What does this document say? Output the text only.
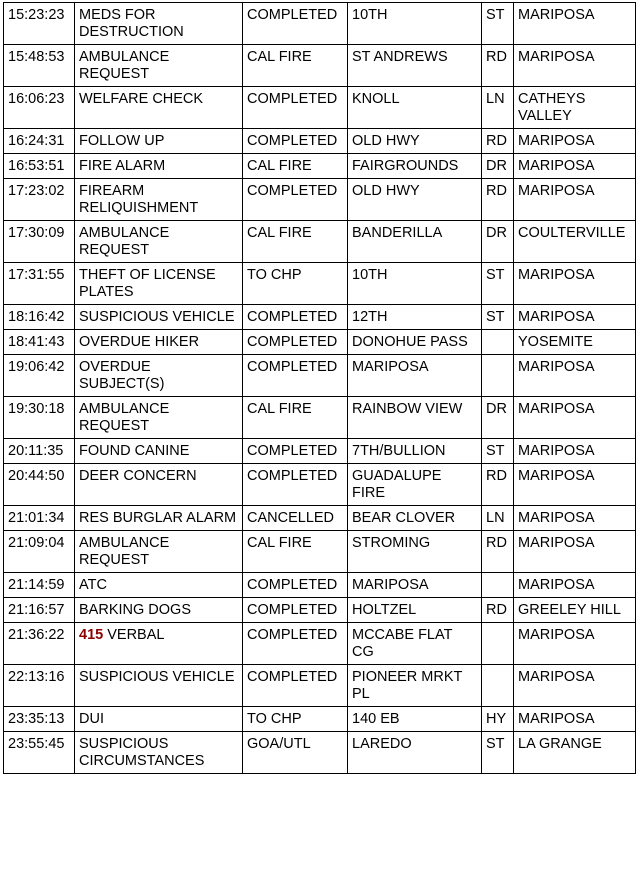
15:23:23	MEDS FOR DESTRUCTION	COMPLETED	10TH	ST	MARIPOSA
15:48:53	AMBULANCE REQUEST	CAL FIRE	ST ANDREWS	RD	MARIPOSA
16:06:23	WELFARE CHECK	COMPLETED	KNOLL	LN	CATHEYS VALLEY
16:24:31	FOLLOW UP	COMPLETED	OLD HWY	RD	MARIPOSA
16:53:51	FIRE ALARM	CAL FIRE	FAIRGROUNDS	DR	MARIPOSA
17:23:02	FIREARM RELIQUISHMENT	COMPLETED	OLD HWY	RD	MARIPOSA
17:30:09	AMBULANCE REQUEST	CAL FIRE	BANDERILLA	DR	COULTERVILLE
17:31:55	THEFT OF LICENSE PLATES	TO CHP	10TH	ST	MARIPOSA
18:16:42	SUSPICIOUS VEHICLE	COMPLETED	12TH	ST	MARIPOSA
18:41:43	OVERDUE HIKER	COMPLETED	DONOHUE PASS		YOSEMITE
19:06:42	OVERDUE SUBJECT(S)	COMPLETED	MARIPOSA		MARIPOSA
19:30:18	AMBULANCE REQUEST	CAL FIRE	RAINBOW VIEW	DR	MARIPOSA
20:11:35	FOUND CANINE	COMPLETED	7TH/BULLION	ST	MARIPOSA
20:44:50	DEER CONCERN	COMPLETED	GUADALUPE FIRE	RD	MARIPOSA
21:01:34	RES BURGLAR ALARM	CANCELLED	BEAR CLOVER	LN	MARIPOSA
21:09:04	AMBULANCE REQUEST	CAL FIRE	STROMING	RD	MARIPOSA
21:14:59	ATC	COMPLETED	MARIPOSA		MARIPOSA
21:16:57	BARKING DOGS	COMPLETED	HOLTZEL	RD	GREELEY HILL
21:36:22	415 VERBAL	COMPLETED	MCCABE FLAT CG		MARIPOSA
22:13:16	SUSPICIOUS VEHICLE	COMPLETED	PIONEER MRKT PL		MARIPOSA
23:35:13	DUI	TO CHP	140 EB	HY	MARIPOSA
23:55:45	SUSPICIOUS CIRCUMSTANCES	GOA/UTL	LAREDO	ST	LA GRANGE
